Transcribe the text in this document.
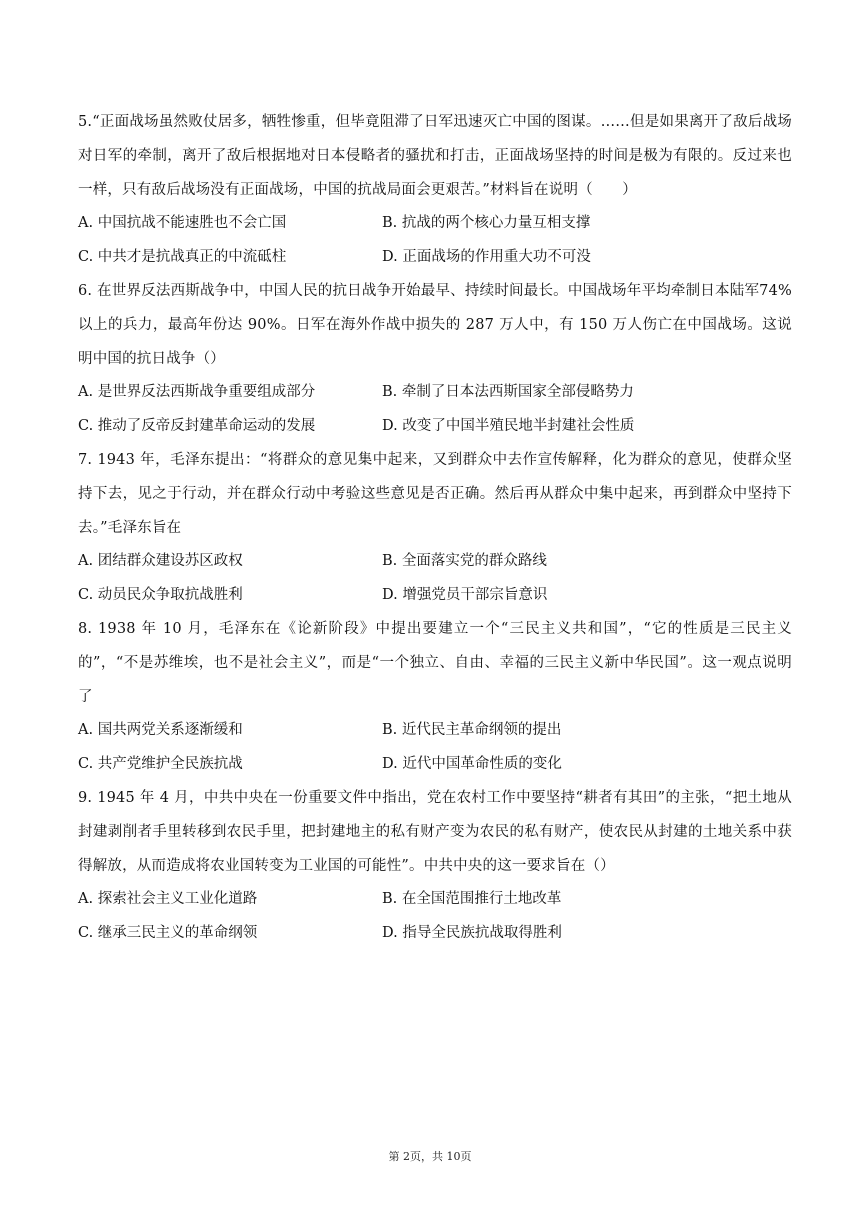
5.“正面战场虽然败仗居多，牺牲惨重，但毕竟阻滞了日军迅速灭亡中国的图谋。……但是如果离开了敌后战场对日军的牵制，离开了敌后根据地对日本侵略者的骚扰和打击，正面战场坚持的时间是极为有限的。反过来也一样，只有敌后战场没有正面战场，中国的抗战局面会更艰苦。”材料旨在说明（　　）

A. 中国抗战不能速胜也不会亡国	B. 抗战的两个核心力量互相支撑
C. 中共才是抗战真正的中流砥柱	D. 正面战场的作用重大功不可没

6. 在世界反法西斯战争中，中国人民的抗日战争开始最早、持续时间最长。中国战场年平均牵制日本陆军74%以上的兵力，最高年份达 90%。日军在海外作战中损失的 287 万人中，有 150 万人伤亡在中国战场。这说明中国的抗日战争（）

A. 是世界反法西斯战争重要组成部分	B. 牵制了日本法西斯国家全部侵略势力
C. 推动了反帝反封建革命运动的发展	D. 改变了中国半殖民地半封建社会性质

7. 1943 年，毛泽东提出：“将群众的意见集中起来，又到群众中去作宣传解释，化为群众的意见，使群众坚持下去，见之于行动，并在群众行动中考验这些意见是否正确。然后再从群众中集中起来，再到群众中坚持下去。”毛泽东旨在

A. 团结群众建设苏区政权	B. 全面落实党的群众路线
C. 动员民众争取抗战胜利	D. 增强党员干部宗旨意识

8. 1938 年 10 月，毛泽东在《论新阶段》中提出要建立一个“三民主义共和国”，“它的性质是三民主义的”，“不是苏维埃，也不是社会主义”，而是“一个独立、自由、幸福的三民主义新中华民国”。这一观点说明了

A. 国共两党关系逐渐缓和	B. 近代民主革命纲领的提出
C. 共产党维护全民族抗战	D. 近代中国革命性质的变化

9. 1945 年 4 月，中共中央在一份重要文件中指出，党在农村工作中要坚持“耕者有其田”的主张，“把土地从封建剥削者手里转移到农民手里，把封建地主的私有财产变为农民的私有财产，使农民从封建的土地关系中获得解放，从而造成将农业国转变为工业国的可能性”。中共中央的这一要求旨在（）

A. 探索社会主义工业化道路	B. 在全国范围推行土地改革
C. 继承三民主义的革命纲领	D. 指导全民族抗战取得胜利
第 2页，共 10页
